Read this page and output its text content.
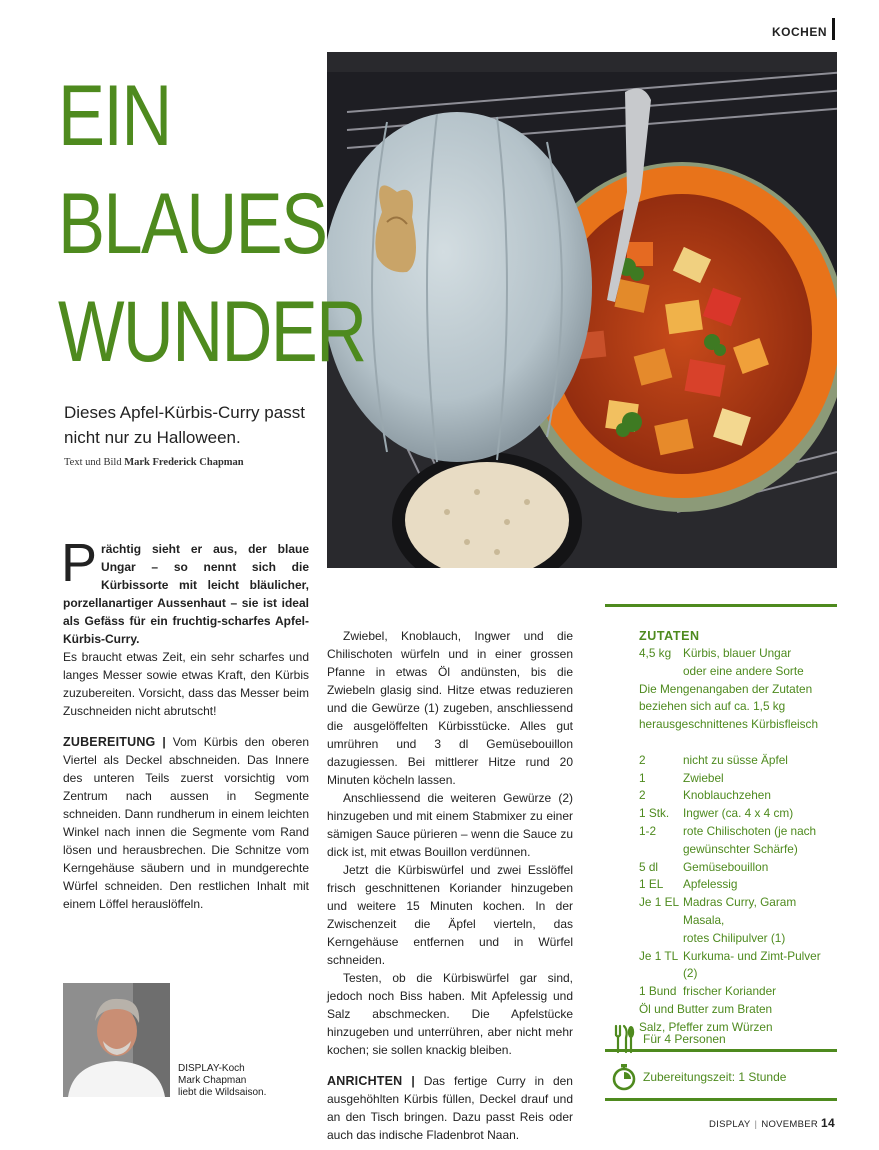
KOCHEN
EIN
BLAUES
WUNDER
Dieses Apfel-Kürbis-Curry passt nicht nur zu Halloween.
Text und Bild Mark Frederick Chapman

Prächtig sieht er aus, der blaue Ungar – so nennt sich die Kürbissorte mit leicht bläulicher, porzellanartiger Aussenhaut – sie ist ideal als Gefäss für ein fruchtig-scharfes Apfel-Kürbis-Curry.

Es braucht etwas Zeit, ein sehr scharfes und langes Messer sowie etwas Kraft, den Kürbis zuzubereiten. Vorsicht, dass das Messer beim Zuschneiden nicht abrutscht!

ZUBEREITUNG | Vom Kürbis den oberen Viertel als Deckel abschneiden. Das Innere des unteren Teils zuerst vorsichtig vom Zentrum nach aussen in Segmente schneiden. Dann rundherum in einem leichten Winkel nach innen die Segmente vom Rand lösen und herausbrechen. Die Schnitze vom Kerngehäuse säubern und in mundgerechte Würfel schneiden. Den restlichen Inhalt mit einem Löffel herauslöffeln.

Zwiebel, Knoblauch, Ingwer und die Chilischoten würfeln und in einer grossen Pfanne in etwas Öl andünsten, bis die Zwiebeln glasig sind. Hitze etwas reduzieren und die Gewürze (1) zugeben, anschliessend die ausgelöffelten Kürbisstücke. Alles gut umrühren und 3 dl Gemüsebouillon dazugiessen. Bei mittlerer Hitze rund 20 Minuten köcheln lassen.

Anschliessend die weiteren Gewürze (2) hinzugeben und mit einem Stabmixer zu einer sämigen Sauce pürieren – wenn die Sauce zu dick ist, mit etwas Bouillon verdünnen.

Jetzt die Kürbiswürfel und zwei Esslöffel frisch geschnittenen Koriander hinzugeben und weitere 15 Minuten kochen. In der Zwischenzeit die Äpfel vierteln, das Kerngehäuse entfernen und in Würfel schneiden.

Testen, ob die Kürbiswürfel gar sind, jedoch noch Biss haben. Mit Apfelessig und Salz abschmecken. Die Apfelstücke hinzugeben und unterrühren, aber nicht mehr kochen; sie sollen knackig bleiben.

ANRICHTEN | Das fertige Curry in den ausgehöhlten Kürbis füllen, Deckel drauf und an den Tisch bringen. Dazu passt Reis oder auch das indische Fladenbrot Naan.

DISPLAY-Koch
Mark Chapman
liebt die Wildsaison.
ZUTATEN
4,5 kg	Kürbis, blauer Ungar
oder eine andere Sorte
Die Mengenangaben der Zutaten
beziehen sich auf ca. 1,5 kg
herausgeschnittenes Kürbisfleisch
2	nicht zu süsse Äpfel
1	Zwiebel
2	Knoblauchzehen
1 Stk.	Ingwer (ca. 4 x 4 cm)
1-2	rote Chilischoten (je nach
gewünschter Schärfe)
5 dl	Gemüsebouillon
1 EL	Apfelessig
Je 1 EL Madras Curry, Garam Masala,
rotes Chilipulver (1)
Je 1 TL Kurkuma- und Zimt-Pulver (2)
1 Bund frischer Koriander
Öl und Butter zum Braten
Salz, Pfeffer zum Würzen
Für 4 Personen
Zubereitungszeit: 1 Stunde
DISPLAY | NOVEMBER 14
